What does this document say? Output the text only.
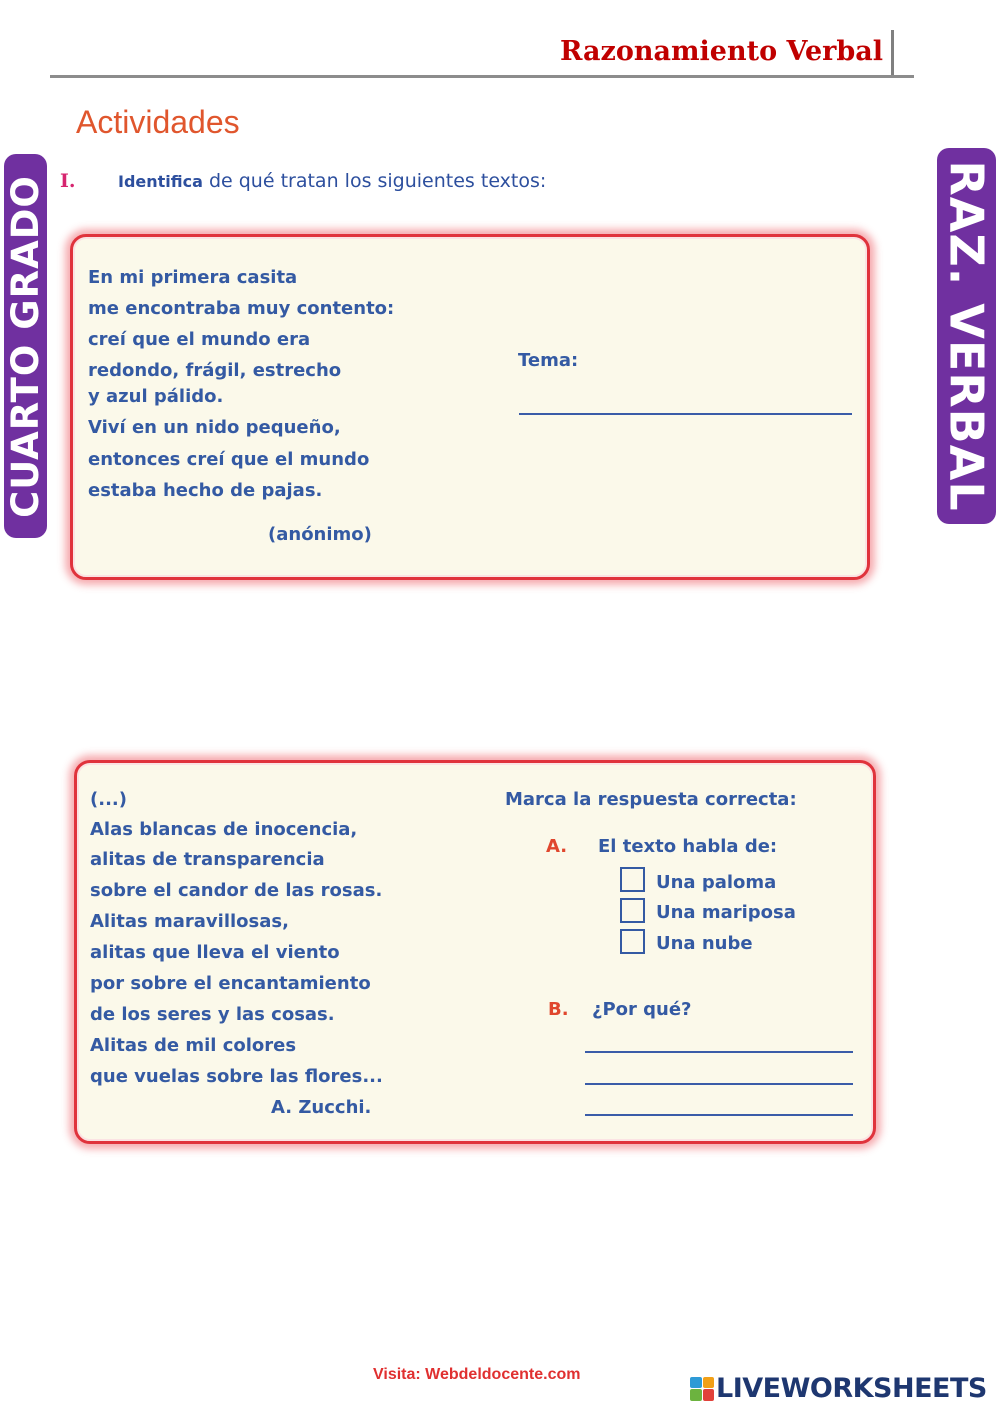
Razonamiento Verbal
Actividades
CUARTO GRADO	RAZ. VERBAL
I.	Identifica de qué tratan los siguientes textos:
En mi primera casita
me encontraba muy contento:
creí que el mundo era
redondo, frágil, estrecho
y azul pálido.
Viví en un nido pequeño,
entonces creí que el mundo
estaba hecho de pajas.
(anónimo)
Tema:
(...)
Alas blancas de inocencia,
alitas de transparencia
sobre el candor de las rosas.
Alitas maravillosas,
alitas que lleva el viento
por sobre el encantamiento
de los seres y las cosas.
Alitas de mil colores
que vuelas sobre las flores...
A. Zucchi.
Marca la respuesta correcta:
A. El texto habla de:
Una paloma
Una mariposa
Una nube
B. ¿Por qué?
Visita: Webdeldocente.com	LIVEWORKSHEETS
